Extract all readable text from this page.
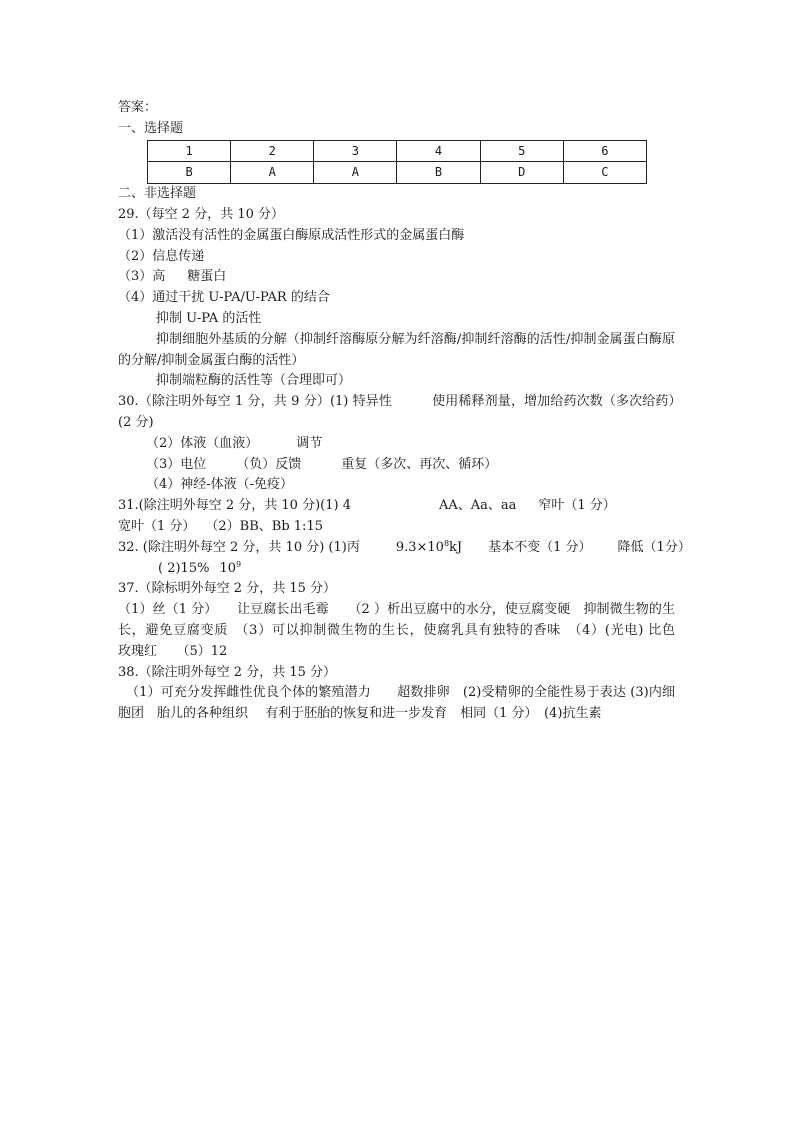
答案：
一、选择题
1	2	3	4	5	6
B	A	A	B	D	C
二、非选择题
29.（每空 2 分，共 10 分）
（1）激活没有活性的金属蛋白酶原成活性形式的金属蛋白酶
（2）信息传递
（3）高 糖蛋白
（4）通过干扰 U-PA/U-PAR 的结合
抑制 U-PA 的活性
抑制细胞外基质的分解（抑制纤溶酶原分解为纤溶酶/抑制纤溶酶的活性/抑制金属蛋白酶原的分解/抑制金属蛋白酶的活性）
抑制端粒酶的活性等（合理即可）
30.（除注明外每空 1 分，共 9 分）(1) 特异性	使用稀释剂量，增加给药次数（多次给药）(2 分)
（2）体液（血液）	调节
（3）电位 （负）反馈	重复（多次、再次、循环）
（4）神经-体液（-免疫）
31.(除注明外每空 2 分，共 10 分)(1) 4	AA、Aa、aa 窄叶（1 分）
宽叶（1 分） （2）BB、Bb 1:15
32. (除注明外每空 2 分，共 10 分) (1)丙	$9.3\times 10^8kJ$ 基本不变（1 分） 降低（1分）
( 2)15% $10^9$
37.（除标明外每空 2 分，共 15 分）
（1）丝（1 分）　　让豆腐长出毛霉　　（2 ）析出豆腐中的水分，使豆腐变硬　抑制微生物的生长，避免豆腐变质　（3）可以抑制微生物的生长，使腐乳具有独特的香味　（4）(光电) 比色　　玫瑰红　　（5）12
38.（除注明外每空 2 分，共 15 分）
（1）可充分发挥雌性优良个体的繁殖潜力　　超数排卵　(2)受精卵的全能性易于表达 (3)内细胞团　胎儿的各种组织　 有利于胚胎的恢复和进一步发育　相同（1 分）　(4)抗生素
